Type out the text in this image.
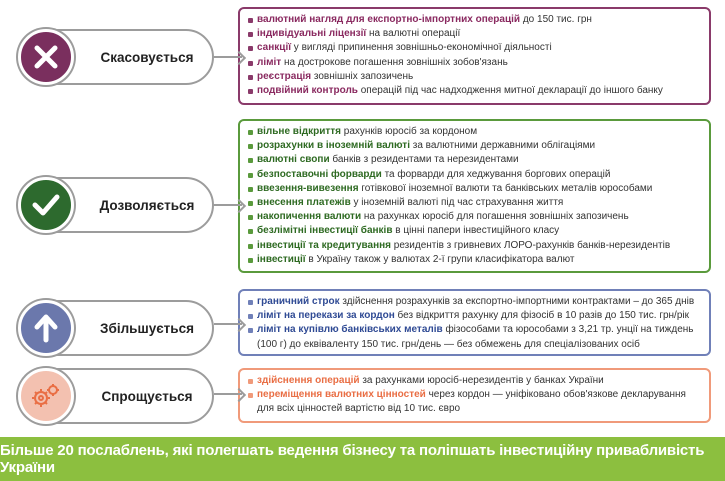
валютний нагляд для експортно-імпортних операцій до 150 тис. грн
індивідуальні ліцензії на валютні операції
санкції у вигляді припинення зовнішньо-економічної діяльності
ліміт на дострокове погашення зовнішніх зобов'язань
реєстрація зовнішніх запозичень
подвійний контроль операцій під час надходження митної декларації до іншого банку
Скасовується
вільне відкриття рахунків юросіб за кордоном
розрахунки в іноземній валюті за валютними державними облігаціями
валютні свопи банків з резидентами та нерезидентами
безпоставочні форварди та форварди для хеджування боргових операцій
ввезення-вивезення готівкової іноземної валюти та банківських металів юрособами
внесення платежів у іноземній валюті під час страхування життя
накопичення валюти на рахунках юросіб для погашення зовнішніх запозичень
безлімітні інвестиції банків в цінні папери інвестиційного класу
інвестиції та кредитування резидентів з гривневих ЛОРО-рахунків банків-нерезидентів
інвестиції в Україну також у валютах 2-ї групи класифікатора валют
Дозволяється
граничний строк здійснення розрахунків за експортно-імпортними контрактами – до 365 днів
ліміт на перекази за кордон без відкриття рахунку для фізосіб в 10 разів до 150 тис. грн/рік
ліміт на купівлю банківських металів фізособами та юрособами з 3,21 тр. унції на тиждень (100 г) до еквіваленту 150 тис. грн/день — без обмежень для спеціалізованих осіб
Збільшується
здійснення операцій за рахунками юросіб-нерезидентів у банках України
переміщення валютних цінностей через кордон — уніфіковано обов'язкове декларування для всіх цінностей вартістю від 10 тис. євро
Спрощується
Більше 20 послаблень, які полегшать ведення бізнесу та поліпшать інвестиційну привабливість України
